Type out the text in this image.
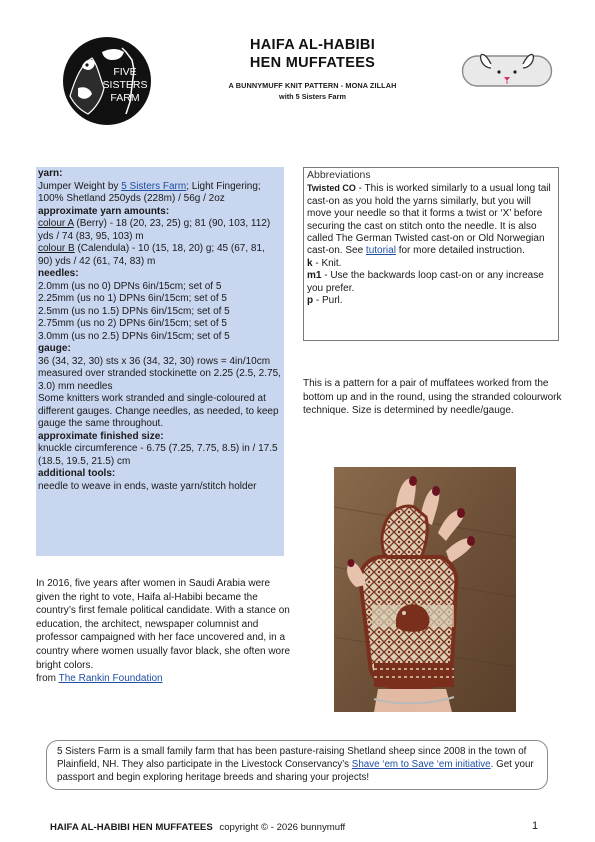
FIVE
SISTERS
FARM
HAIFA AL-HABIBI
HEN MUFFATEES
A BUNNYMUFF KNIT PATTERN - MONA ZILLAH
with 5 Sisters Farm
yarn:
Jumper Weight by 5 Sisters Farm; Light Fingering;
100% Shetland 250yds (228m) / 56g / 2oz
approximate yarn amounts:
colour A (Berry) - 18 (20, 23, 25) g; 81 (90, 103, 112) yds / 74 (83, 95, 103) m
colour B (Calendula) - 10 (15, 18, 20) g; 45 (67, 81, 90) yds / 42 (61, 74, 83) m
needles:
2.0mm (us no 0) DPNs 6in/15cm; set of 5
2.25mm (us no 1) DPNs 6in/15cm; set of 5
2.5mm (us no 1.5) DPNs 6in/15cm; set of 5
2.75mm (us no 2) DPNs 6in/15cm; set of 5
3.0mm (us no 2.5) DPNs 6in/15cm; set of 5
gauge:
36 (34, 32, 30) sts x 36 (34, 32, 30) rows = 4in/10cm measured over stranded stockinette on 2.25 (2.5, 2.75, 3.0) mm needles
Some knitters work stranded and single-coloured at different gauges. Change needles, as needed, to keep gauge the same throughout.
approximate finished size:
knuckle circumference - 6.75 (7.25, 7.75, 8.5) in / 17.5 (18.5, 19.5, 21.5) cm
additional tools:
needle to weave in ends, waste yarn/stitch holder
Abbreviations

Twisted CO - This is worked similarly to a usual long tail cast-on as you hold the yarns similarly, but you will move your needle so that it forms a twist or ‘X’ before securing the cast on stitch onto the needle. It is also called The German Twisted cast-on or Old Norwegian cast-on. See tutorial for more detailed instruction.

k - Knit.

m1 - Use the backwards loop cast-on or any increase you prefer.

p - Purl.

This is a pattern for a pair of muffatees worked from the bottom up and in the round, using the stranded colourwork technique. Size is determined by needle/gauge.
In 2016, five years after women in Saudi Arabia were given the right to vote, Haifa al-Habibi became the country’s first female political candidate. With a stance on education, the architect, newspaper columnist and professor campaigned with her face uncovered and, in a country where women usually favor black, she often wore bright colors.
from The Rankin Foundation
5 Sisters Farm is a small family farm that has been pasture-raising Shetland sheep since 2008 in the town of Plainfield, NH. They also participate in the Livestock Conservancy’s Shave ‘em to Save ‘em initiative. Get your passport and begin exploring heritage breeds and sharing your projects!
HAIFA AL-HABIBI HEN MUFFATEES copyright © - 2026 bunnymuff	1
